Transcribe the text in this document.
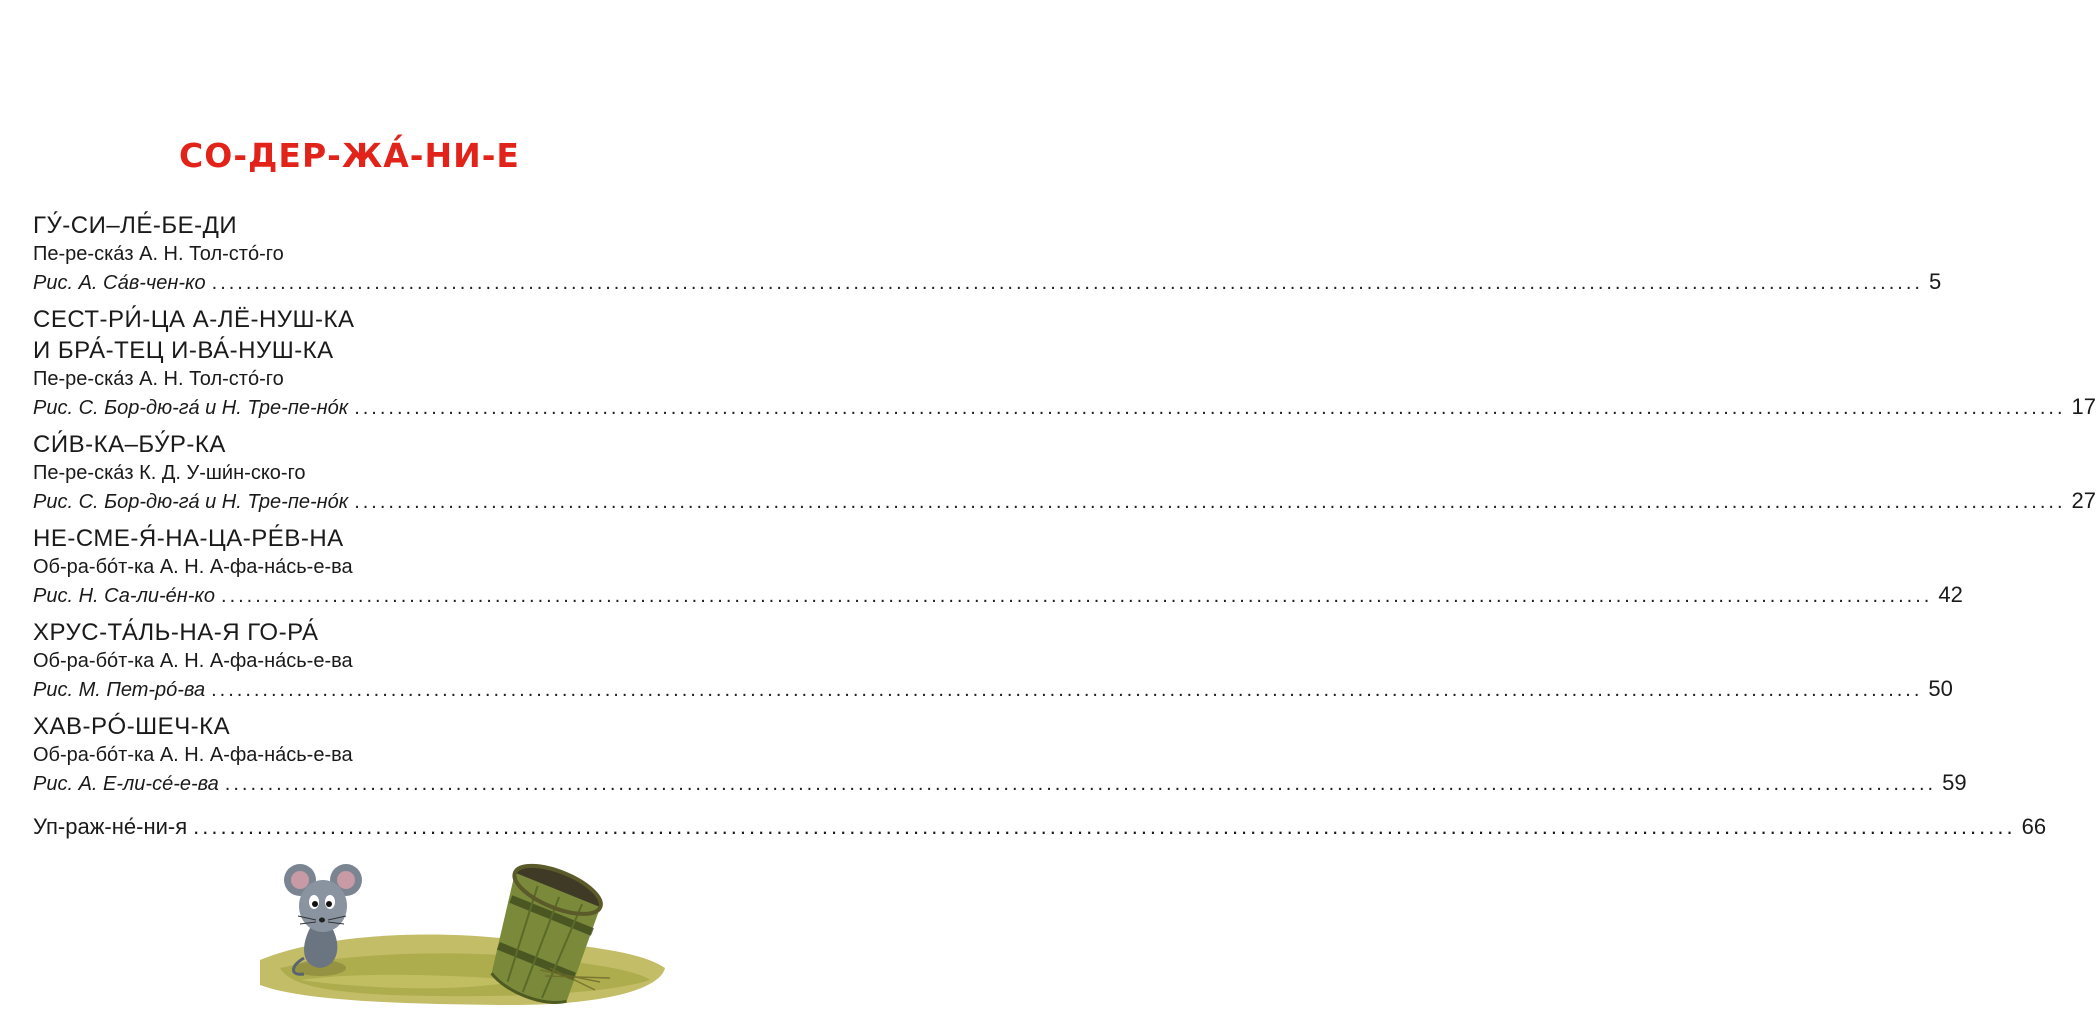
СО-ДЕР-ЖА́-НИ-Е
ГУ́-СИ–ЛЕ́-БЕ-ДИ
Пе-ре-ска́з А. Н. Тол-стó-го
Рис. А. Са́в-чен-ко ........................................................................................................................................................................................................ 5
СЕСТ-РИ́-ЦА А-ЛЁ-НУШ-КА
И БРА́-ТЕЦ И-ВА́-НУШ-КА
Пе-ре-ска́з А. Н. Тол-стó-го
Рис. С. Бор-дю-га́ и Н. Тре-пе-нóк ........................................................................................................................................................................................................ 17
СИ́В-КА–БУ́Р-КА
Пе-ре-ска́з К. Д. У-ши́н-ско-го
Рис. С. Бор-дю-га́ и Н. Тре-пе-нóк ........................................................................................................................................................................................................ 27
НЕ-СМЕ-Я́-НА-ЦА-РЕ́В-НА
Об-ра-бóт-ка А. Н. А-фа-на́сь-е-ва
Рис. Н. Са-ли-е́н-ко ........................................................................................................................................................................................................ 42
ХРУС-ТА́ЛЬ-НА-Я ГО-РА́
Об-ра-бóт-ка А. Н. А-фа-на́сь-е-ва
Рис. М. Пет-рó-ва ........................................................................................................................................................................................................ 50
ХАВ-РÓ-ШЕЧ-КА
Об-ра-бóт-ка А. Н. А-фа-на́сь-е-ва
Рис. А. Е-ли-се́-е-ва ........................................................................................................................................................................................................ 59
Уп-раж-не́-ни-я ........................................................................................................................................................................................................ 66
